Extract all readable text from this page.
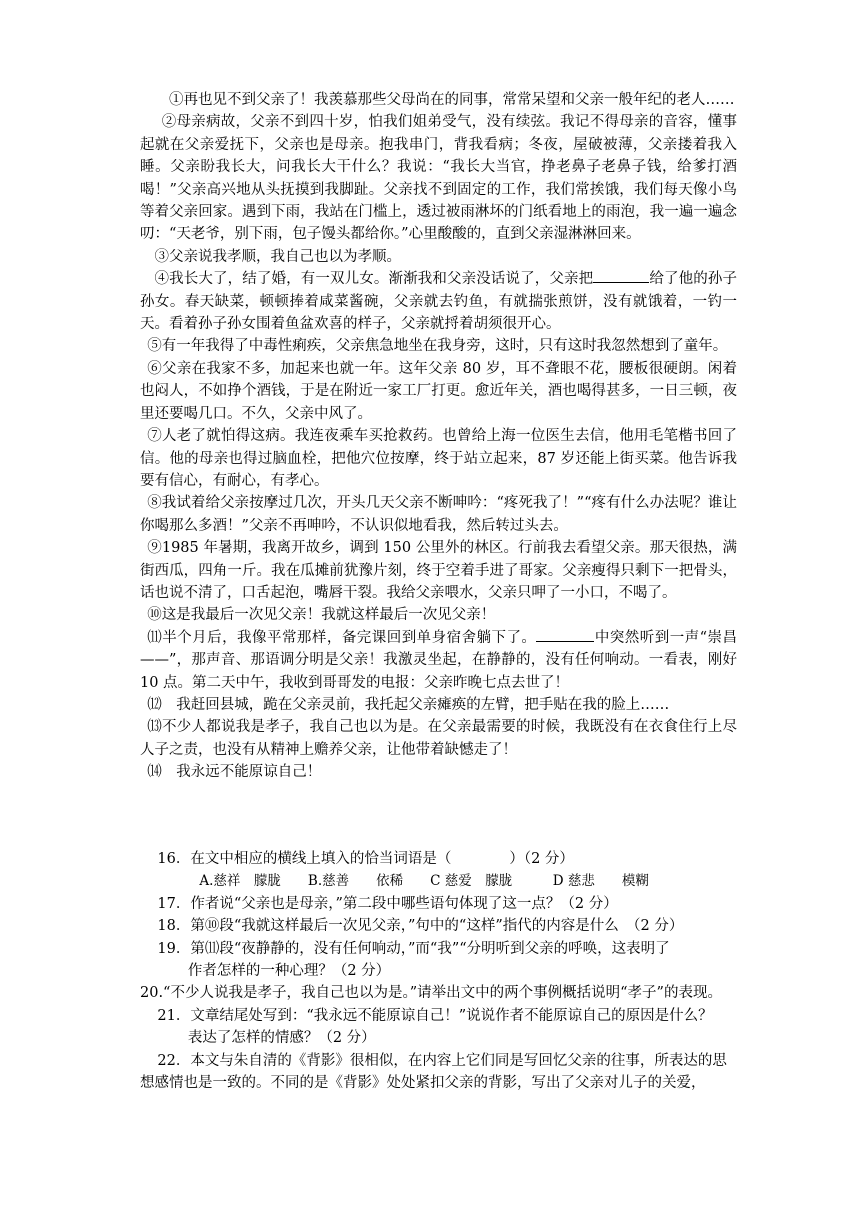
①再也见不到父亲了！我羡慕那些父母尚在的同事，常常呆望和父亲一般年纪的老人……

②母亲病故，父亲不到四十岁，怕我们姐弟受气，没有续弦。我记不得母亲的音容，懂事起就在父亲爱抚下，父亲也是母亲。抱我串门，背我看病；冬夜，屋破被薄，父亲搂着我入睡。父亲盼我长大，问我长大干什么？我说：“我长大当官，挣老鼻子老鼻子钱，给爹打酒喝！”父亲高兴地从头抚摸到我脚趾。父亲找不到固定的工作，我们常挨饿，我们每天像小鸟等着父亲回家。遇到下雨，我站在门槛上，透过被雨淋坏的门纸看地上的雨泡，我一遍一遍念叨：“天老爷，别下雨，包子馒头都给你。”心里酸酸的，直到父亲湿淋淋回来。

③父亲说我孝顺，我自己也以为孝顺。

④我长大了，结了婚，有一双儿女。渐渐我和父亲没话说了，父亲把	给了他的孙子孙女。春天缺菜，顿顿捧着咸菜酱碗，父亲就去钓鱼，有就揣张煎饼，没有就饿着，一钓一天。看着孙子孙女围着鱼盆欢喜的样子，父亲就捋着胡须很开心。

⑤有一年我得了中毒性痢疾，父亲焦急地坐在我身旁，这时，只有这时我忽然想到了童年。

⑥父亲在我家不多，加起来也就一年。这年父亲 80 岁，耳不聋眼不花，腰板很硬朗。闲着也闷人，不如挣个酒钱，于是在附近一家工厂打更。愈近年关，酒也喝得甚多，一日三顿，夜里还要喝几口。不久，父亲中风了。

⑦人老了就怕得这病。我连夜乘车买抢救药。也曾给上海一位医生去信，他用毛笔楷书回了信。他的母亲也得过脑血栓，把他穴位按摩，终于站立起来，87 岁还能上街买菜。他告诉我要有信心，有耐心，有孝心。

⑧我试着给父亲按摩过几次，开头几天父亲不断呻吟：“疼死我了！”“疼有什么办法呢？谁让你喝那么多酒！”父亲不再呻吟，不认识似地看我，然后转过头去。

⑨1985 年暑期，我离开故乡，调到 150 公里外的林区。行前我去看望父亲。那天很热，满街西瓜，四角一斤。我在瓜摊前犹豫片刻，终于空着手进了哥家。父亲瘦得只剩下一把骨头，话也说不清了，口舌起泡，嘴唇干裂。我给父亲喂水，父亲只呷了一小口，不喝了。

⑩这是我最后一次见父亲！我就这样最后一次见父亲！

⑾半个月后，我像平常那样，备完课回到单身宿舍躺下了。	中突然听到一声“崇昌——”，那声音、那语调分明是父亲！我激灵坐起，在静静的，没有任何响动。一看表，刚好 10 点。第二天中午，我收到哥哥发的电报：父亲昨晚七点去世了！

⑿　我赶回县城，跪在父亲灵前，我托起父亲瘫痪的左臂，把手贴在我的脸上……

⒀不少人都说我是孝子，我自己也以为是。在父亲最需要的时候，我既没有在衣食住行上尽人子之责，也没有从精神上赡养父亲，让他带着缺憾走了！

⒁　我永远不能原谅自己！

16．在文中相应的横线上填入的恰当词语是（　　　　）（2 分）

A.慈祥　朦胧　　B.慈善　　依稀　　C 慈爱　朦胧　　　D 慈悲　　模糊

17．作者说“父亲也是母亲，”第二段中哪些语句体现了这一点？（2 分）

18．第⑩段“我就这样最后一次见父亲，”句中的“这样”指代的内容是什么　（2 分）

19．第⑾段“夜静静的，没有任何响动，”而“我”“分明听到父亲的呼唤，这表明了

作者怎样的一种心理？（2 分）

20.“不少人说我是孝子，我自己也以为是。”请举出文中的两个事例概括说明“孝子”的表现。

21．文章结尾处写到：“我永远不能原谅自己！”说说作者不能原谅自己的原因是什么？

表达了怎样的情感？（2 分）

22．本文与朱自清的《背影》很相似，在内容上它们同是写回忆父亲的往事，所表达的思想感情也是一致的。不同的是《背影》处处紧扣父亲的背影，写出了父亲对儿子的关爱，
